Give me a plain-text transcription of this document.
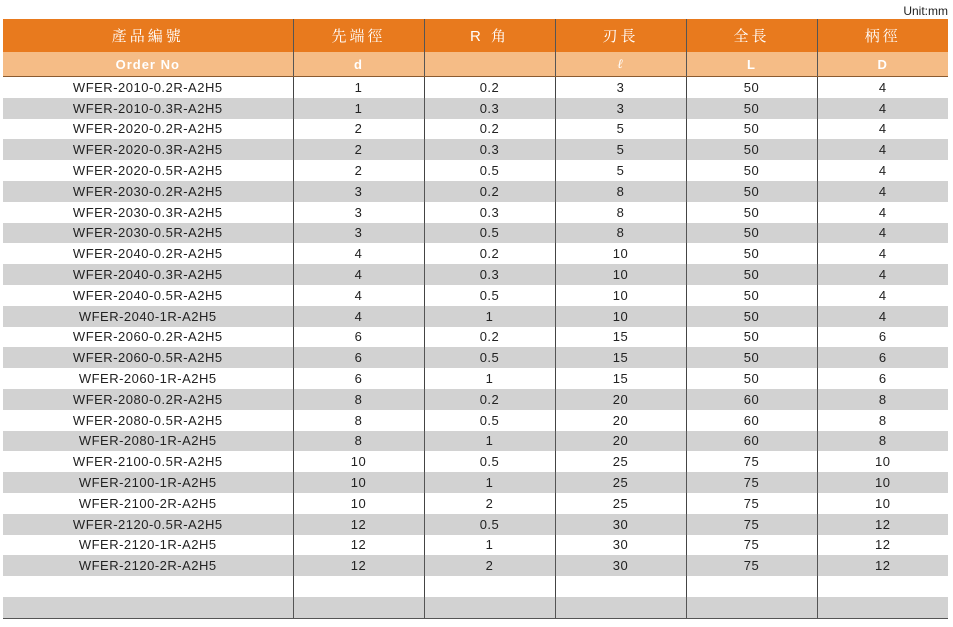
Unit:mm
產品編號	先端徑	R 角	刃長	全長	柄徑
Order No	d		ℓ	L	D
WFER-2010-0.2R-A2H5	1	0.2	3	50	4
WFER-2010-0.3R-A2H5	1	0.3	3	50	4
WFER-2020-0.2R-A2H5	2	0.2	5	50	4
WFER-2020-0.3R-A2H5	2	0.3	5	50	4
WFER-2020-0.5R-A2H5	2	0.5	5	50	4
WFER-2030-0.2R-A2H5	3	0.2	8	50	4
WFER-2030-0.3R-A2H5	3	0.3	8	50	4
WFER-2030-0.5R-A2H5	3	0.5	8	50	4
WFER-2040-0.2R-A2H5	4	0.2	10	50	4
WFER-2040-0.3R-A2H5	4	0.3	10	50	4
WFER-2040-0.5R-A2H5	4	0.5	10	50	4
WFER-2040-1R-A2H5	4	1	10	50	4
WFER-2060-0.2R-A2H5	6	0.2	15	50	6
WFER-2060-0.5R-A2H5	6	0.5	15	50	6
WFER-2060-1R-A2H5	6	1	15	50	6
WFER-2080-0.2R-A2H5	8	0.2	20	60	8
WFER-2080-0.5R-A2H5	8	0.5	20	60	8
WFER-2080-1R-A2H5	8	1	20	60	8
WFER-2100-0.5R-A2H5	10	0.5	25	75	10
WFER-2100-1R-A2H5	10	1	25	75	10
WFER-2100-2R-A2H5	10	2	25	75	10
WFER-2120-0.5R-A2H5	12	0.5	30	75	12
WFER-2120-1R-A2H5	12	1	30	75	12
WFER-2120-2R-A2H5	12	2	30	75	12
